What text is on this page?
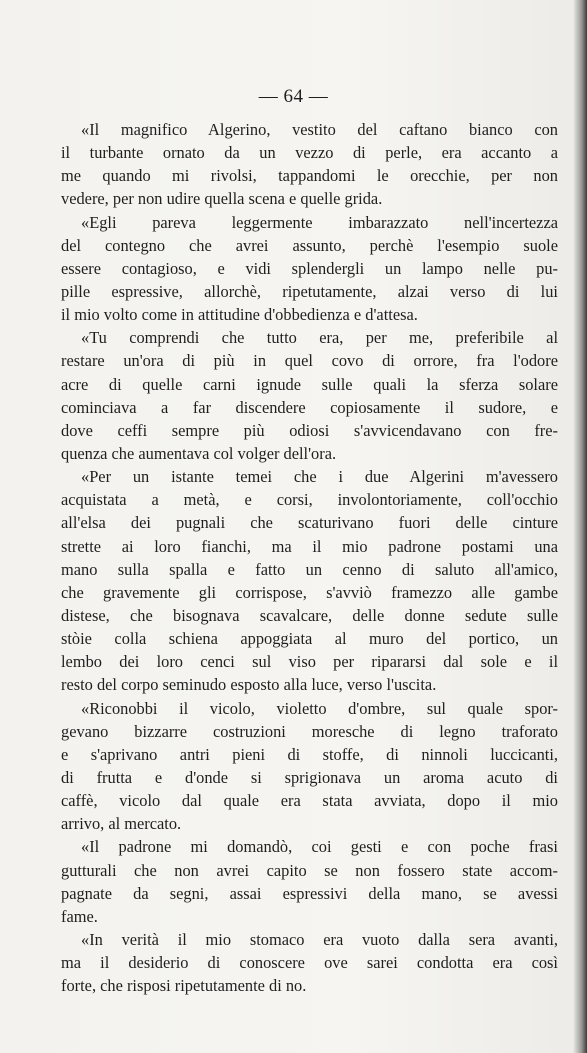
— 64 —
«Il magnifico Algerino, vestito del caftano bianco con
il turbante ornato da un vezzo di perle, era accanto a
me quando mi rivolsi, tappandomi le orecchie, per non
vedere, per non udire quella scena e quelle grida.
«Egli pareva leggermente imbarazzato nell'incertezza
del contegno che avrei assunto, perchè l'esempio suole
essere contagioso, e vidi splendergli un lampo nelle pu-
pille espressive, allorchè, ripetutamente, alzai verso di lui
il mio volto come in attitudine d'obbedienza e d'attesa.
«Tu comprendi che tutto era, per me, preferibile al
restare un'ora di più in quel covo di orrore, fra l'odore
acre di quelle carni ignude sulle quali la sferza solare
cominciava a far discendere copiosamente il sudore, e
dove ceffi sempre più odiosi s'avvicendavano con fre-
quenza che aumentava col volger dell'ora.
«Per un istante temei che i due Algerini m'avessero
acquistata a metà, e corsi, involontoriamente, coll'occhio
all'elsa dei pugnali che scaturivano fuori delle cinture
strette ai loro fianchi, ma il mio padrone postami una
mano sulla spalla e fatto un cenno di saluto all'amico,
che gravemente gli corrispose, s'avviò framezzo alle gambe
distese, che bisognava scavalcare, delle donne sedute sulle
stòie colla schiena appoggiata al muro del portico, un
lembo dei loro cenci sul viso per ripararsi dal sole e il
resto del corpo seminudo esposto alla luce, verso l'uscita.
«Riconobbi il vicolo, violetto d'ombre, sul quale spor-
gevano bizzarre costruzioni moresche di legno traforato
e s'aprivano antri pieni di stoffe, di ninnoli luccicanti,
di frutta e d'onde si sprigionava un aroma acuto di
caffè, vicolo dal quale era stata avviata, dopo il mio
arrivo, al mercato.
«Il padrone mi domandò, coi gesti e con poche frasi
gutturali che non avrei capito se non fossero state accom-
pagnate da segni, assai espressivi della mano, se avessi
fame.
«In verità il mio stomaco era vuoto dalla sera avanti,
ma il desiderio di conoscere ove sarei condotta era così
forte, che risposi ripetutamente di no.
